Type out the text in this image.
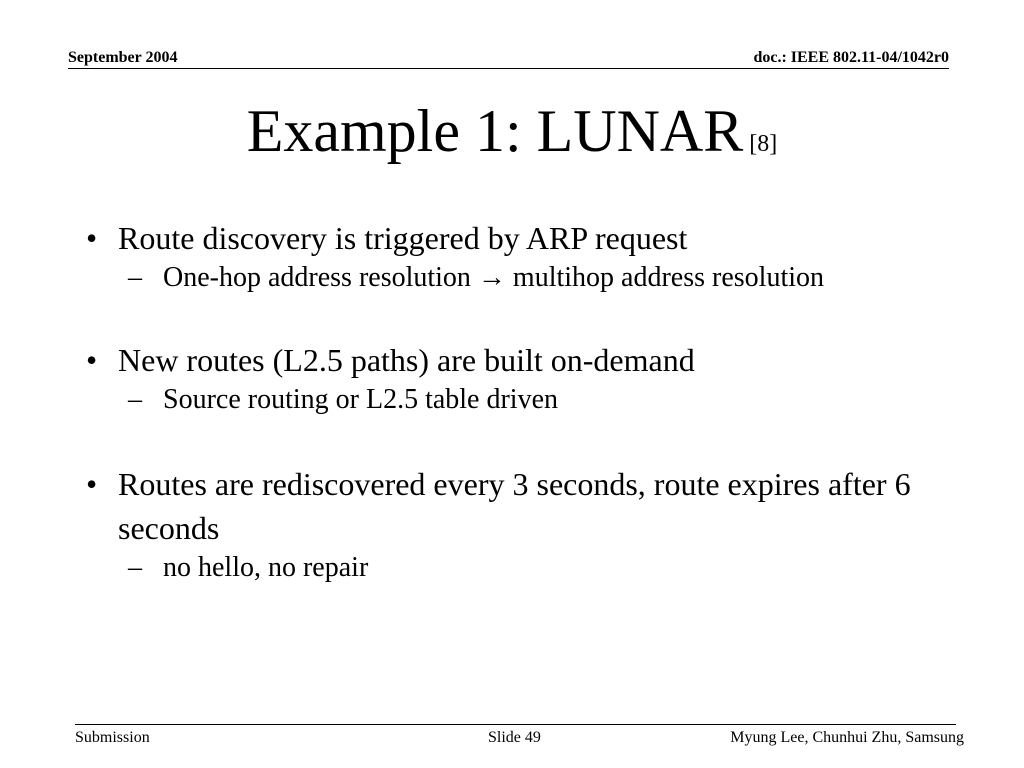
September 2004	doc.: IEEE 802.11-04/1042r0
Example 1: LUNAR [8]
• Route discovery is triggered by ARP request
– One-hop address resolution → multihop address resolution
• New routes (L2.5 paths) are built on-demand
– Source routing or L2.5 table driven
• Routes are rediscovered every 3 seconds, route expires after 6 seconds
– no hello, no repair
Submission	Slide 49	Myung Lee, Chunhui Zhu, Samsung
